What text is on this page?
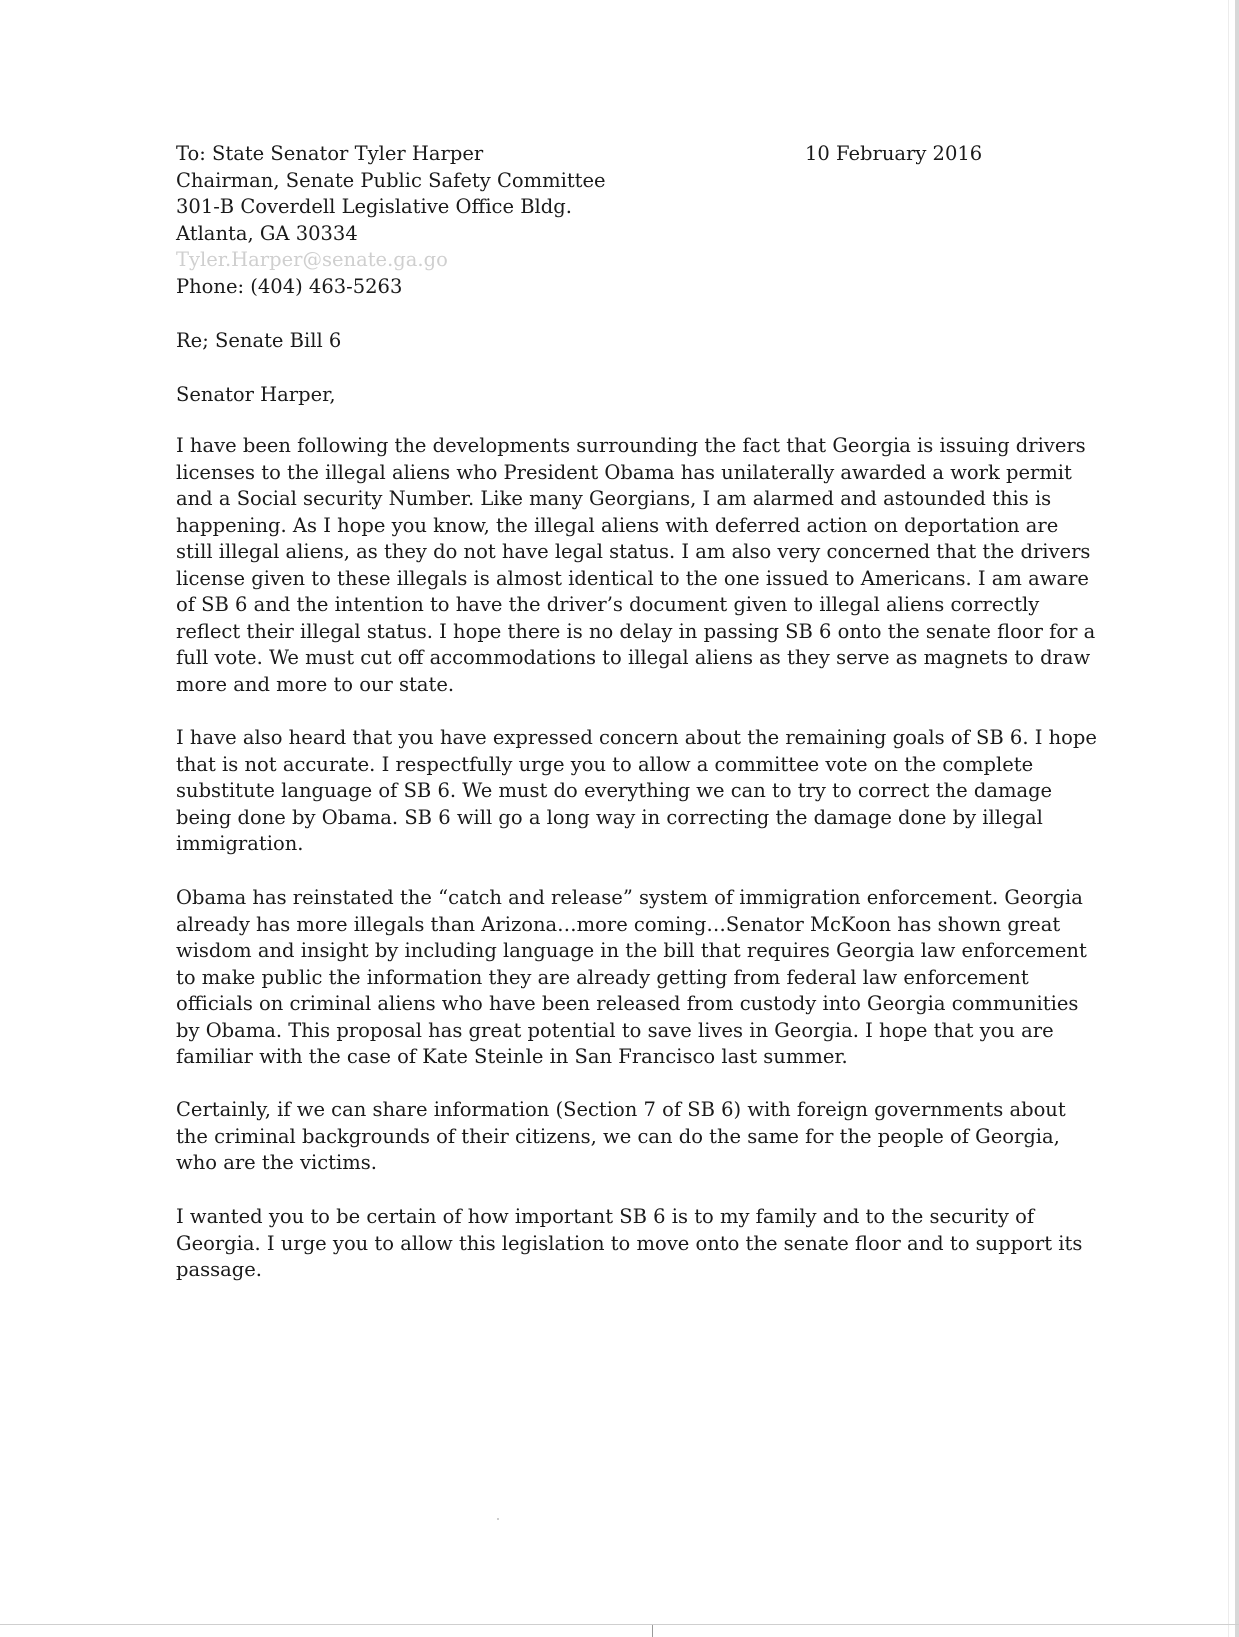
10 February 2016
To: State Senator Tyler Harper
Chairman, Senate Public Safety Committee
301-B Coverdell Legislative Office Bldg.
Atlanta, GA 30334
Tyler.Harper@senate.ga.go
Phone: (404) 463-5263
Re; Senate Bill 6
Senator Harper,
I have been following the developments surrounding the fact that Georgia is issuing drivers
licenses to the illegal aliens who President Obama has unilaterally awarded a work permit
and a Social security Number. Like many Georgians, I am alarmed and astounded this is
happening. As I hope you know, the illegal aliens with deferred action on deportation are
still illegal aliens, as they do not have legal status. I am also very concerned that the drivers
license given to these illegals is almost identical to the one issued to Americans. I am aware
of SB 6 and the intention to have the driver’s document given to illegal aliens correctly
reflect their illegal status. I hope there is no delay in passing SB 6 onto the senate floor for a
full vote. We must cut off accommodations to illegal aliens as they serve as magnets to draw
more and more to our state.
I have also heard that you have expressed concern about the remaining goals of SB 6. I hope
that is not accurate. I respectfully urge you to allow a committee vote on the complete
substitute language of SB 6. We must do everything we can to try to correct the damage
being done by Obama. SB 6 will go a long way in correcting the damage done by illegal
immigration.
Obama has reinstated the “catch and release” system of immigration enforcement. Georgia
already has more illegals than Arizona…more coming…Senator McKoon has shown great
wisdom and insight by including language in the bill that requires Georgia law enforcement
to make public the information they are already getting from federal law enforcement
officials on criminal aliens who have been released from custody into Georgia communities
by Obama. This proposal has great potential to save lives in Georgia. I hope that you are
familiar with the case of Kate Steinle in San Francisco last summer.
Certainly, if we can share information (Section 7 of SB 6) with foreign governments about
the criminal backgrounds of their citizens, we can do the same for the people of Georgia,
who are the victims.
I wanted you to be certain of how important SB 6 is to my family and to the security of
Georgia. I urge you to allow this legislation to move onto the senate floor and to support its
passage.
